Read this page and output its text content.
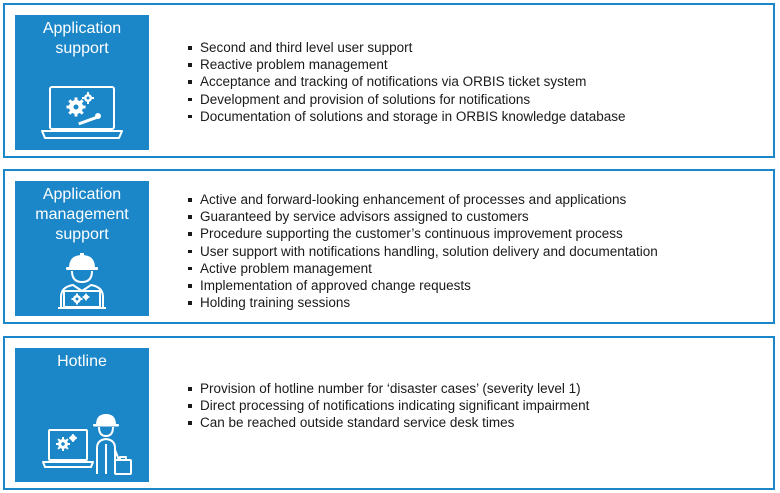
Application
support	Second and third level user support
Reactive problem management
Acceptance and tracking of notifications via ORBIS ticket system
Development and provision of solutions for notifications
Documentation of solutions and storage in ORBIS knowledge database
Application
management
support
Active and forward-looking enhancement of processes and applications
Guaranteed by service advisors assigned to customers
Procedure supporting the customer’s continuous improvement process
User support with notifications handling, solution delivery and documentation
Active problem management
Implementation of approved change requests
Holding training sessions
Hotline
Provision of hotline number for ‘disaster cases’ (severity level 1)
Direct processing of notifications indicating significant impairment
Can be reached outside standard service desk times
